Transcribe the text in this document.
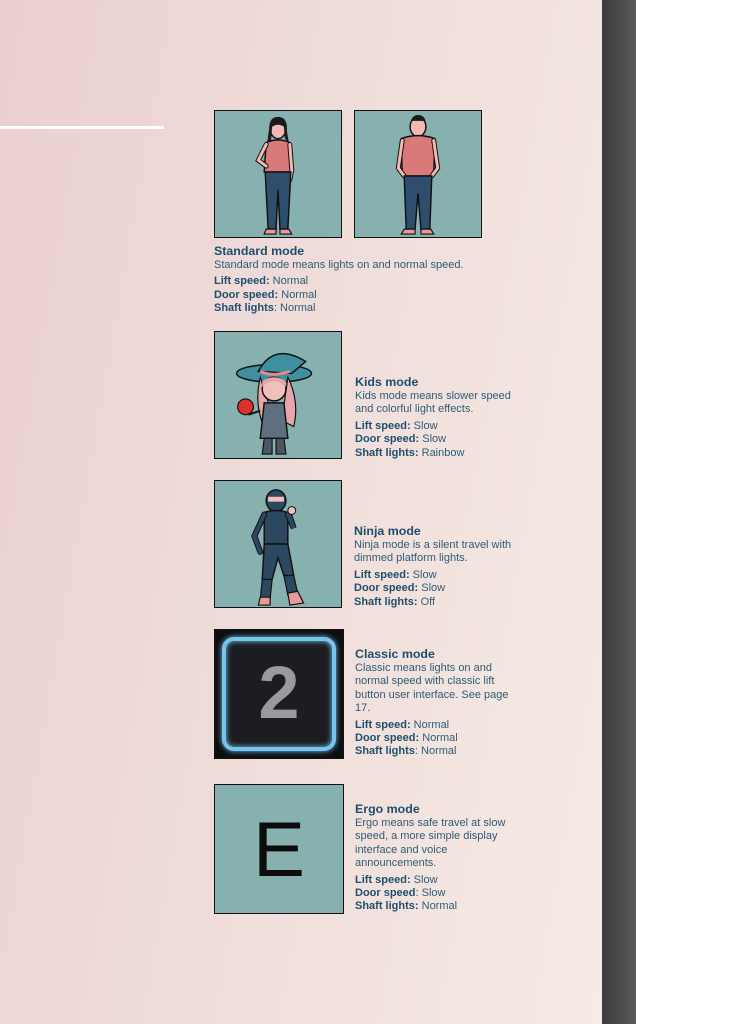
Standard mode
Standard mode means lights on and normal speed.
Lift speed: Normal
Door speed: Normal
Shaft lights: Normal
Kids mode
Kids mode means slower speed and colorful light effects.
Lift speed: Slow
Door speed: Slow
Shaft lights: Rainbow
Ninja mode
Ninja mode is a silent travel with dimmed platform lights.
Lift speed: Slow
Door speed: Slow
Shaft lights: Off
2	Classic mode
Classic means lights on and normal speed with classic lift button user interface. See page 17.
Lift speed: Normal
Door speed: Normal
Shaft lights: Normal
E	Ergo mode
Ergo means safe travel at slow speed, a more simple display interface and voice announcements.
Lift speed: Slow
Door speed: Slow
Shaft lights: Normal
